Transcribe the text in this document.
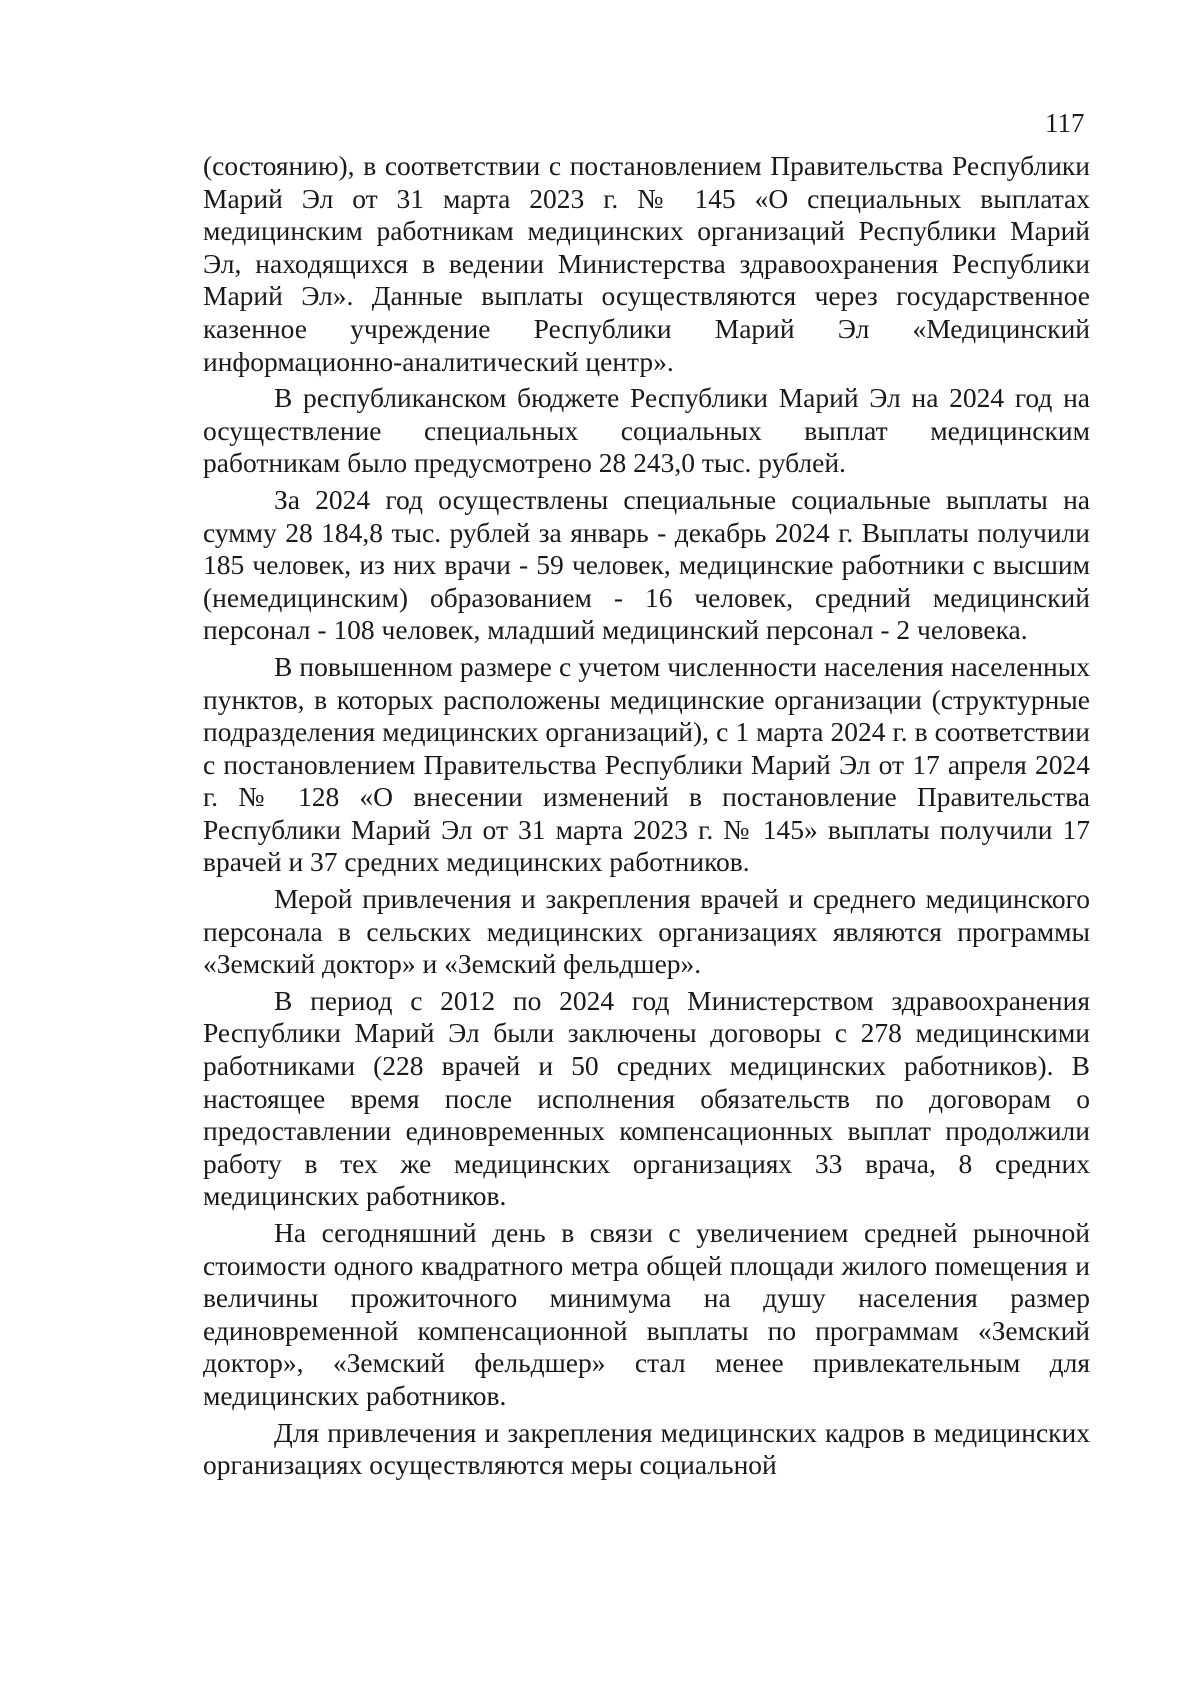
117

(состоянию), в соответствии с постановлением Правительства Республики Марий Эл от 31 марта 2023 г. № 145 «О специальных выплатах медицинским работникам медицинских организаций Республики Марий Эл, находящихся в ведении Министерства здравоохранения Республики Марий Эл». Данные выплаты осуществляются через государственное казенное учреждение Республики Марий Эл «Медицинский информационно-аналитический центр».

В республиканском бюджете Республики Марий Эл на 2024 год на осуществление специальных социальных выплат медицинским работникам было предусмотрено 28 243,0 тыс. рублей.

За 2024 год осуществлены специальные социальные выплаты на сумму 28 184,8 тыс. рублей за январь - декабрь 2024 г. Выплаты получили 185 человек, из них врачи - 59 человек, медицинские работники с высшим (немедицинским) образованием - 16 человек, средний медицинский персонал - 108 человек, младший медицинский персонал - 2 человека.

В повышенном размере с учетом численности населения населенных пунктов, в которых расположены медицинские организации (структурные подразделения медицинских организаций), с 1 марта 2024 г. в соответствии с постановлением Правительства Республики Марий Эл от 17 апреля 2024 г. № 128 «О внесении изменений в постановление Правительства Республики Марий Эл от 31 марта 2023 г. № 145» выплаты получили 17 врачей и 37 средних медицинских работников.

Мерой привлечения и закрепления врачей и среднего медицинского персонала в сельских медицинских организациях являются программы «Земский доктор» и «Земский фельдшер».

В период с 2012 по 2024 год Министерством здравоохранения Республики Марий Эл были заключены договоры с 278 медицинскими работниками (228 врачей и 50 средних медицинских работников). В настоящее время после исполнения обязательств по договорам о предоставлении единовременных компенсационных выплат продолжили работу в тех же медицинских организациях 33 врача, 8 средних медицинских работников.

На сегодняшний день в связи с увеличением средней рыночной стоимости одного квадратного метра общей площади жилого помещения и величины прожиточного минимума на душу населения размер единовременной компенсационной выплаты по программам «Земский доктор», «Земский фельдшер» стал менее привлекательным для медицинских работников.

Для привлечения и закрепления медицинских кадров в медицинских организациях осуществляются меры социальной
